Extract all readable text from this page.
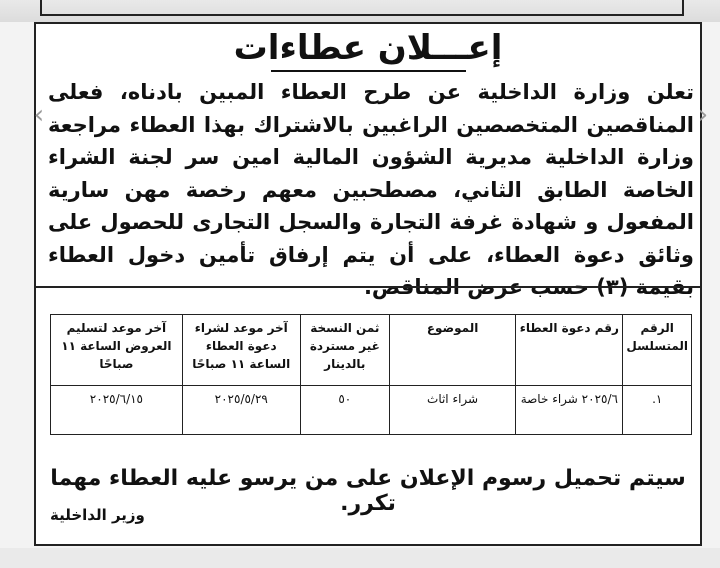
إعـــلان عطاءات
تعلن وزارة الداخلية عن طرح العطاء المبين بادناه، فعلى المناقصين المتخصصين الراغبين بالاشتراك بهذا العطاء مراجعة وزارة الداخلية مديرية الشؤون المالية امين سر لجنة الشراء الخاصة الطابق الثاني، مصطحبين معهم رخصة مهن سارية المفعول و شهادة غرفة التجارة والسجل التجارى للحصول على وثائق دعوة العطاء، على أن يتم إرفاق تأمين دخول العطاء بقيمة (٣) حسب عرض المناقص.
الرقم المتسلسل	رقم دعوة العطاء	الموضوع	ثمن النسخة غير مستردة بالدينار	آخر موعد لشراء دعوة العطاء الساعة ١١ صباحًا	آخر موعد لتسليم العروض الساعة ١١ صباحًا
١.	٢٠٢٥/٦ شراء خاصة	شراء اثاث	٥٠	٢٠٢٥/٥/٢٩	٢٠٢٥/٦/١٥
سيتم تحميل رسوم الإعلان على من يرسو عليه العطاء مهما تكرر.
وزير الداخلية
‹	›
